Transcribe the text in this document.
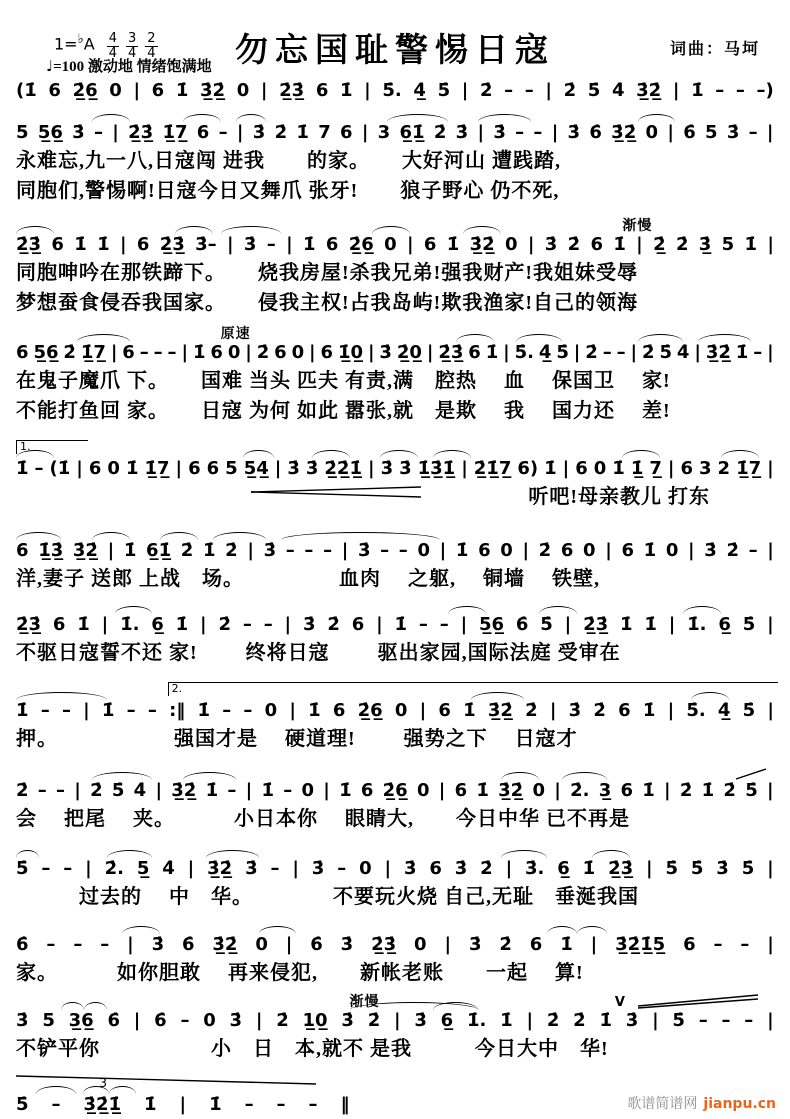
勿忘国耻警惕日寇	词曲：马坷
$1=^♭A \frac{4}{4} \frac{3}{4} \frac{2}{4}$
♩=100 激动地 情绪饱满地
(1̇ 6 2̲̇6̲ 0 | 6 1̇ 3̲̇2̲̇ 0 | 2̲̇3̲̇ 6 1̇ | 5̇. 4̲̇ 5̇ | 2̇ – – | 2̇ 5̇ 4̇ 3̲̇2̲̇ | 1̇ – – –)
5 5̲6̲ 3̇ – | 2̲̇3̲̇ 1̲̇7̲ 6 – | 3̇ 2̇ 1̇ 7 6 | 3 6̲1̲̇ 2̇ 3̇ | 3̇ – – | 3̇ 6̇ 3̲̇2̲̇ 0 | 6̇ 5 3̇ – |
永难忘,九一八,日寇闯 进我　　的家。　　大好河山 遭践踏,
同胞们,警惕啊!日寇今日又舞爪 张牙!　　狼子野心 仍不死,
渐慢
2̲̇3̲̇ 6 1̇ 1̇ | 6 2̲̇3̲̇ 3̇– | 3̇ – | 1̇ 6 2̲̇6̲ 0 | 6 1̇ 3̲̇2̲̇ 0 | 3̇ 2̇ 6 1̇ | 2̲̇ 2̇ 3̲̇ 5 1̇ |
同胞呻吟在那铁蹄下。　　烧我房屋!杀我兄弟!强我财产!我姐妹受辱
梦想蚕食侵吞我国家。　　侵我主权!占我岛屿!欺我渔家!自己的领海
原速
6 5̲6̲ 2̇ 1̲̇7̲ | 6 – – – | 1̇ 6 0 | 2̇ 6 0 | 6 1̲̇0̲ | 3̇ 2̲̇0̲ | 2̲̇3̲̇ 6 1̇ | 5̇. 4̲̇ 5̇ | 2̇ – – | 2̇ 5̇ 4̇ | 3̲̇2̲̇ 1̇ – |
在鬼子魔爪 下。　　国难 当头 匹夫 有责,满　腔热　 血　 保国卫　 家!
不能打鱼回 家。　　日寇 为何 如此 嚣张,就　是欺　 我　 国力还　 差!
1.
1̇ – (1̇ | 6 0 1̇ 1̲̇7̲ | 6 6 5 5̲4̲ | 3̇ 3̇ 2̲̇2̲̇1̲̇ | 3̇ 3̇ 1̲̇3̲̇1̲̇ | 2̲̇1̲̇7̲ 6) 1̇ | 6 0 1̇ 1̲̇ 7̲ | 6 3 2 1̲̇7̲ |
听吧!母亲教儿 打东
6 1̲̇3̲̇ 3̲̇2̲̇ | 1̇ 6̲1̲̇ 2̇ 1̇ 2̇ | 3̇ – – – | 3̇ – – 0 | 1̇ 6 0 | 2̇ 6 0 | 6 1̇ 0 | 3̇ 2̇ – |
洋,妻子 送郎 上战　场。　　　　　血肉　 之躯,　 铜墙　 铁壁,
2̲̇3̲̇ 6 1̇ | 1̇. 6̲ 1̇ | 2̇ – – | 3̇ 2̇ 6 | 1̇ – – | 5̲6̲ 6̇ 5̇ | 2̲̇3̲̇ 1̇ 1̇ | 1̇. 6̲ 5̇ |
不驱日寇誓不还 家!　　 终将日寇　　 驱出家园,国际法庭 受审在
2.
1̇ – – | 1̇ – – :‖ 1̇ – – 0 | 1̇ 6 2̲̇6̲ 0 | 6 1̇ 3̲̇2̲̇ 2̇ | 3̇ 2̇ 6 1̇ | 5̇. 4̲̇ 5̇ |
押。　　　　　　强国才是　 硬道理!　　 强势之下　 日寇才
2̇ – – | 2̇ 5̇ 4̇ | 3̲̇2̲̇ 1̇ – | 1̇ – 0 | 1̇ 6 2̲̇6̲ 0 | 6 1̇ 3̲̇2̲̇ 0 | 2̇. 3̲ 6 1̇ | 2̇ 1̇ 2̇ 5̇ |
会　 把尾　 夹。　　　 小日本你　 眼睛大,　　今日中华 已不再是
5̇ – – | 2̇. 5̲ 4̇ | 3̲̇2̲̇ 3̇ – | 3̇ – 0 | 3̇ 6 3̇ 2̇ | 3̇. 6̲ 1̇ 2̲̇3̲̇ | 5̇ 5̇ 3̇ 5̇ |
　　　过去的　 中　华。　　　　 不要玩火烧 自己,无耻　垂涎我国
6̇ – – – | 3̇ 6̇ 3̲̇2̲̇ 0 | 6̇ 3̇ 2̲̇3̲̇ 0 | 3̇ 2̇ 6 1̇ | 3̲̇2̲̇1̲̇5̲ 6 – – |
家。　　　 如你胆敢　 再来侵犯,　　新帐老账　　一起　 算!
渐慢	V
3̇ 5 3̲6̲ 6̇ | 6̇ – 0 3̇ | 2̇ 1̲0̲ 3̇ 2̇ | 3̇ 6̲ 1̇. 1̇ | 2̇ 2̇ 1̇ 3̇ | 5̇ – – – |
不铲平你　　　　　 小　日　本,就不 是我　　　今日大中　华!
3
5̇ – 3̲̇2̲̇1̲̇ 1̇ | 1̇ – – – ‖	歌谱简谱网 jianpu.cn
